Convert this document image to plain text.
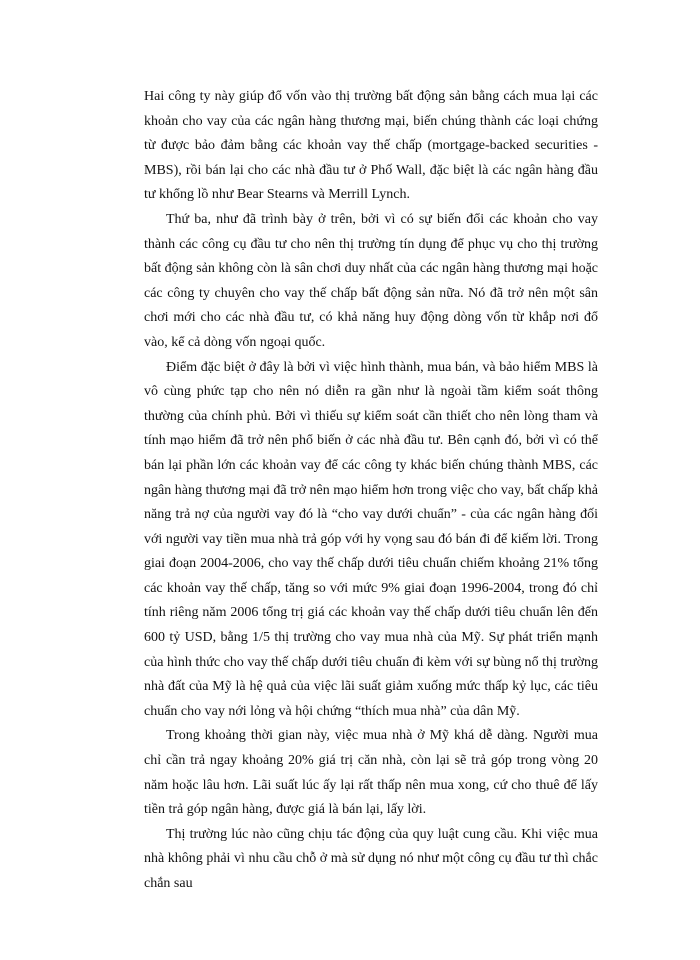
Hai công ty này giúp đổ vốn vào thị trường bất động sản bằng cách mua lại các khoản cho vay của các ngân hàng thương mại, biến chúng thành các loại chứng từ được bảo đảm bằng các khoản vay thế chấp (mortgage-backed securities - MBS), rồi bán lại cho các nhà đầu tư ở Phố Wall, đặc biệt là các ngân hàng đầu tư khổng lồ như Bear Stearns và Merrill Lynch.

Thứ ba, như đã trình bày ở trên, bởi vì có sự biến đổi các khoản cho vay thành các công cụ đầu tư cho nên thị trường tín dụng để phục vụ cho thị trường bất động sản không còn là sân chơi duy nhất của các ngân hàng thương mại hoặc các công ty chuyên cho vay thế chấp bất động sản nữa. Nó đã trở nên một sân chơi mới cho các nhà đầu tư, có khả năng huy động dòng vốn từ khắp nơi đổ vào, kể cả dòng vốn ngoại quốc.

Điểm đặc biệt ở đây là bởi vì việc hình thành, mua bán, và bảo hiểm MBS là vô cùng phức tạp cho nên nó diễn ra gần như là ngoài tầm kiểm soát thông thường của chính phủ. Bởi vì thiếu sự kiểm soát cần thiết cho nên lòng tham và tính mạo hiểm đã trở nên phổ biến ở các nhà đầu tư. Bên cạnh đó, bởi vì có thể bán lại phần lớn các khoản vay để các công ty khác biến chúng thành MBS, các ngân hàng thương mại đã trở nên mạo hiểm hơn trong việc cho vay, bất chấp khả năng trả nợ của người vay đó là “cho vay dưới chuẩn” - của các ngân hàng đối với người vay tiền mua nhà trả góp với hy vọng sau đó bán đi để kiếm lời. Trong giai đoạn 2004-2006, cho vay thế chấp dưới tiêu chuẩn chiếm khoảng 21% tổng các khoản vay thế chấp, tăng so với mức 9% giai đoạn 1996-2004, trong đó chỉ tính riêng năm 2006 tổng trị giá các khoản vay thế chấp dưới tiêu chuẩn lên đến 600 tỷ USD, bằng 1/5 thị trường cho vay mua nhà của Mỹ. Sự phát triển mạnh của hình thức cho vay thế chấp dưới tiêu chuẩn đi kèm với sự bùng nổ thị trường nhà đất của Mỹ là hệ quả của việc lãi suất giảm xuống mức thấp kỷ lục, các tiêu chuẩn cho vay nới lỏng và hội chứng “thích mua nhà” của dân Mỹ.

Trong khoảng thời gian này, việc mua nhà ở Mỹ khá dễ dàng. Người mua chỉ cần trả ngay khoảng 20% giá trị căn nhà, còn lại sẽ trả góp trong vòng 20 năm hoặc lâu hơn. Lãi suất lúc ấy lại rất thấp nên mua xong, cứ cho thuê để lấy tiền trả góp ngân hàng, được giá là bán lại, lấy lời.

Thị trường lúc nào cũng chịu tác động của quy luật cung cầu. Khi việc mua nhà không phải vì nhu cầu chỗ ở mà sử dụng nó như một công cụ đầu tư thì chắc chắn sau
